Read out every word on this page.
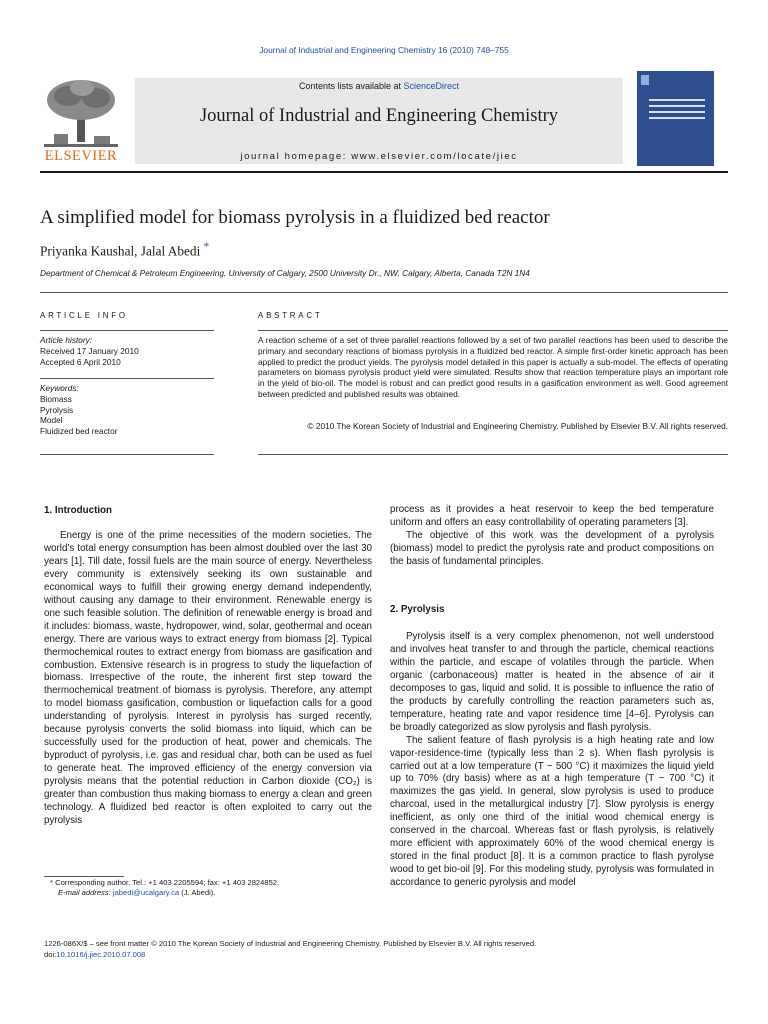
Journal of Industrial and Engineering Chemistry 16 (2010) 748–755
ELSEVIER
Contents lists available at ScienceDirect
Journal of Industrial and Engineering Chemistry
journal homepage: www.elsevier.com/locate/jiec
A simplified model for biomass pyrolysis in a fluidized bed reactor
Priyanka Kaushal, Jalal Abedi *
Department of Chemical & Petroleum Engineering, University of Calgary, 2500 University Dr., NW, Calgary, Alberta, Canada T2N 1N4
ARTICLE INFO	ABSTRACT
Article history:
Received 17 January 2010
Accepted 6 April 2010
Keywords:
Biomass
Pyrolysis
Model
Fluidized bed reactor
A reaction scheme of a set of three parallel reactions followed by a set of two parallel reactions has been used to describe the primary and secondary reactions of biomass pyrolysis in a fluidized bed reactor. A simple first-order kinetic approach has been applied to predict the product yields. The pyrolysis model detailed in this paper is actually a sub-model. The effects of operating parameters on biomass pyrolysis product yield were simulated. Results show that reaction temperature plays an important role in the yield of bio-oil. The model is robust and can predict good results in a gasification environment as well. Good agreement between predicted and published results was obtained.
© 2010 The Korean Society of Industrial and Engineering Chemistry. Published by Elsevier B.V. All rights reserved.
1. Introduction

Energy is one of the prime necessities of the modern societies. The world’s total energy consumption has been almost doubled over the last 30 years [1]. Till date, fossil fuels are the main source of energy. Nevertheless every community is extensively seeking its own sustainable and economical ways to fulfill their growing energy demand independently, without causing any damage to their environment. Renewable energy is one such feasible solution. The definition of renewable energy is broad and it includes: biomass, waste, hydropower, wind, solar, geothermal and ocean energy. There are various ways to extract energy from biomass [2]. Typical thermochemical routes to extract energy from biomass are gasification and combustion. Extensive research is in progress to study the liquefaction of biomass. Irrespective of the route, the inherent first step toward the thermochemical treatment of biomass is pyrolysis. Therefore, any attempt to model biomass gasification, combustion or liquefaction calls for a good understanding of pyrolysis. Interest in pyrolysis has surged recently, because pyrolysis converts the solid biomass into liquid, which can be successfully used for the production of heat, power and chemicals. The byproduct of pyrolysis, i.e. gas and residual char, both can be used as fuel to generate heat. The improved efficiency of the energy conversion via pyrolysis means that the potential reduction in Carbon dioxide (CO₂) is greater than combustion thus making biomass to energy a clean and green technology. A fluidized bed reactor is often exploited to carry out the pyrolysis

process as it provides a heat reservoir to keep the bed temperature uniform and offers an easy controllability of operating parameters [3].

The objective of this work was the development of a pyrolysis (biomass) model to predict the pyrolysis rate and product compositions on the basis of fundamental principles.

2. Pyrolysis

Pyrolysis itself is a very complex phenomenon, not well understood and involves heat transfer to and through the particle, chemical reactions within the particle, and escape of volatiles through the particle. When organic (carbonaceous) matter is heated in the absence of air it decomposes to gas, liquid and solid. It is possible to influence the ratio of the products by carefully controlling the reaction parameters such as, temperature, heating rate and vapor residence time [4–6]. Pyrolysis can be broadly categorized as slow pyrolysis and flash pyrolysis.

The salient feature of flash pyrolysis is a high heating rate and low vapor-residence-time (typically less than 2 s). When flash pyrolysis is carried out at a low temperature (T ~ 500 °C) it maximizes the liquid yield up to 70% (dry basis) where as at a high temperature (T ~ 700 °C) it maximizes the gas yield. In general, slow pyrolysis is used to produce charcoal, used in the metallurgical industry [7]. Slow pyrolysis is energy inefficient, as only one third of the initial wood chemical energy is conserved in the charcoal. Whereas fast or flash pyrolysis, is relatively more efficient with approximately 60% of the wood chemical energy is stored in the final product [8]. It is a common practice to flash pyrolyse wood to get bio-oil [9]. For this modeling study, pyrolysis was formulated in accordance to generic pyrolysis and model

* Corresponding author. Tel.: +1 403 2205594; fax: +1 403 2824852.
E-mail address: jabedi@ucalgary.ca (J. Abedi).
1226-086X/$ – see front matter © 2010 The Korean Society of Industrial and Engineering Chemistry. Published by Elsevier B.V. All rights reserved.
doi:10.1016/j.jiec.2010.07.008
